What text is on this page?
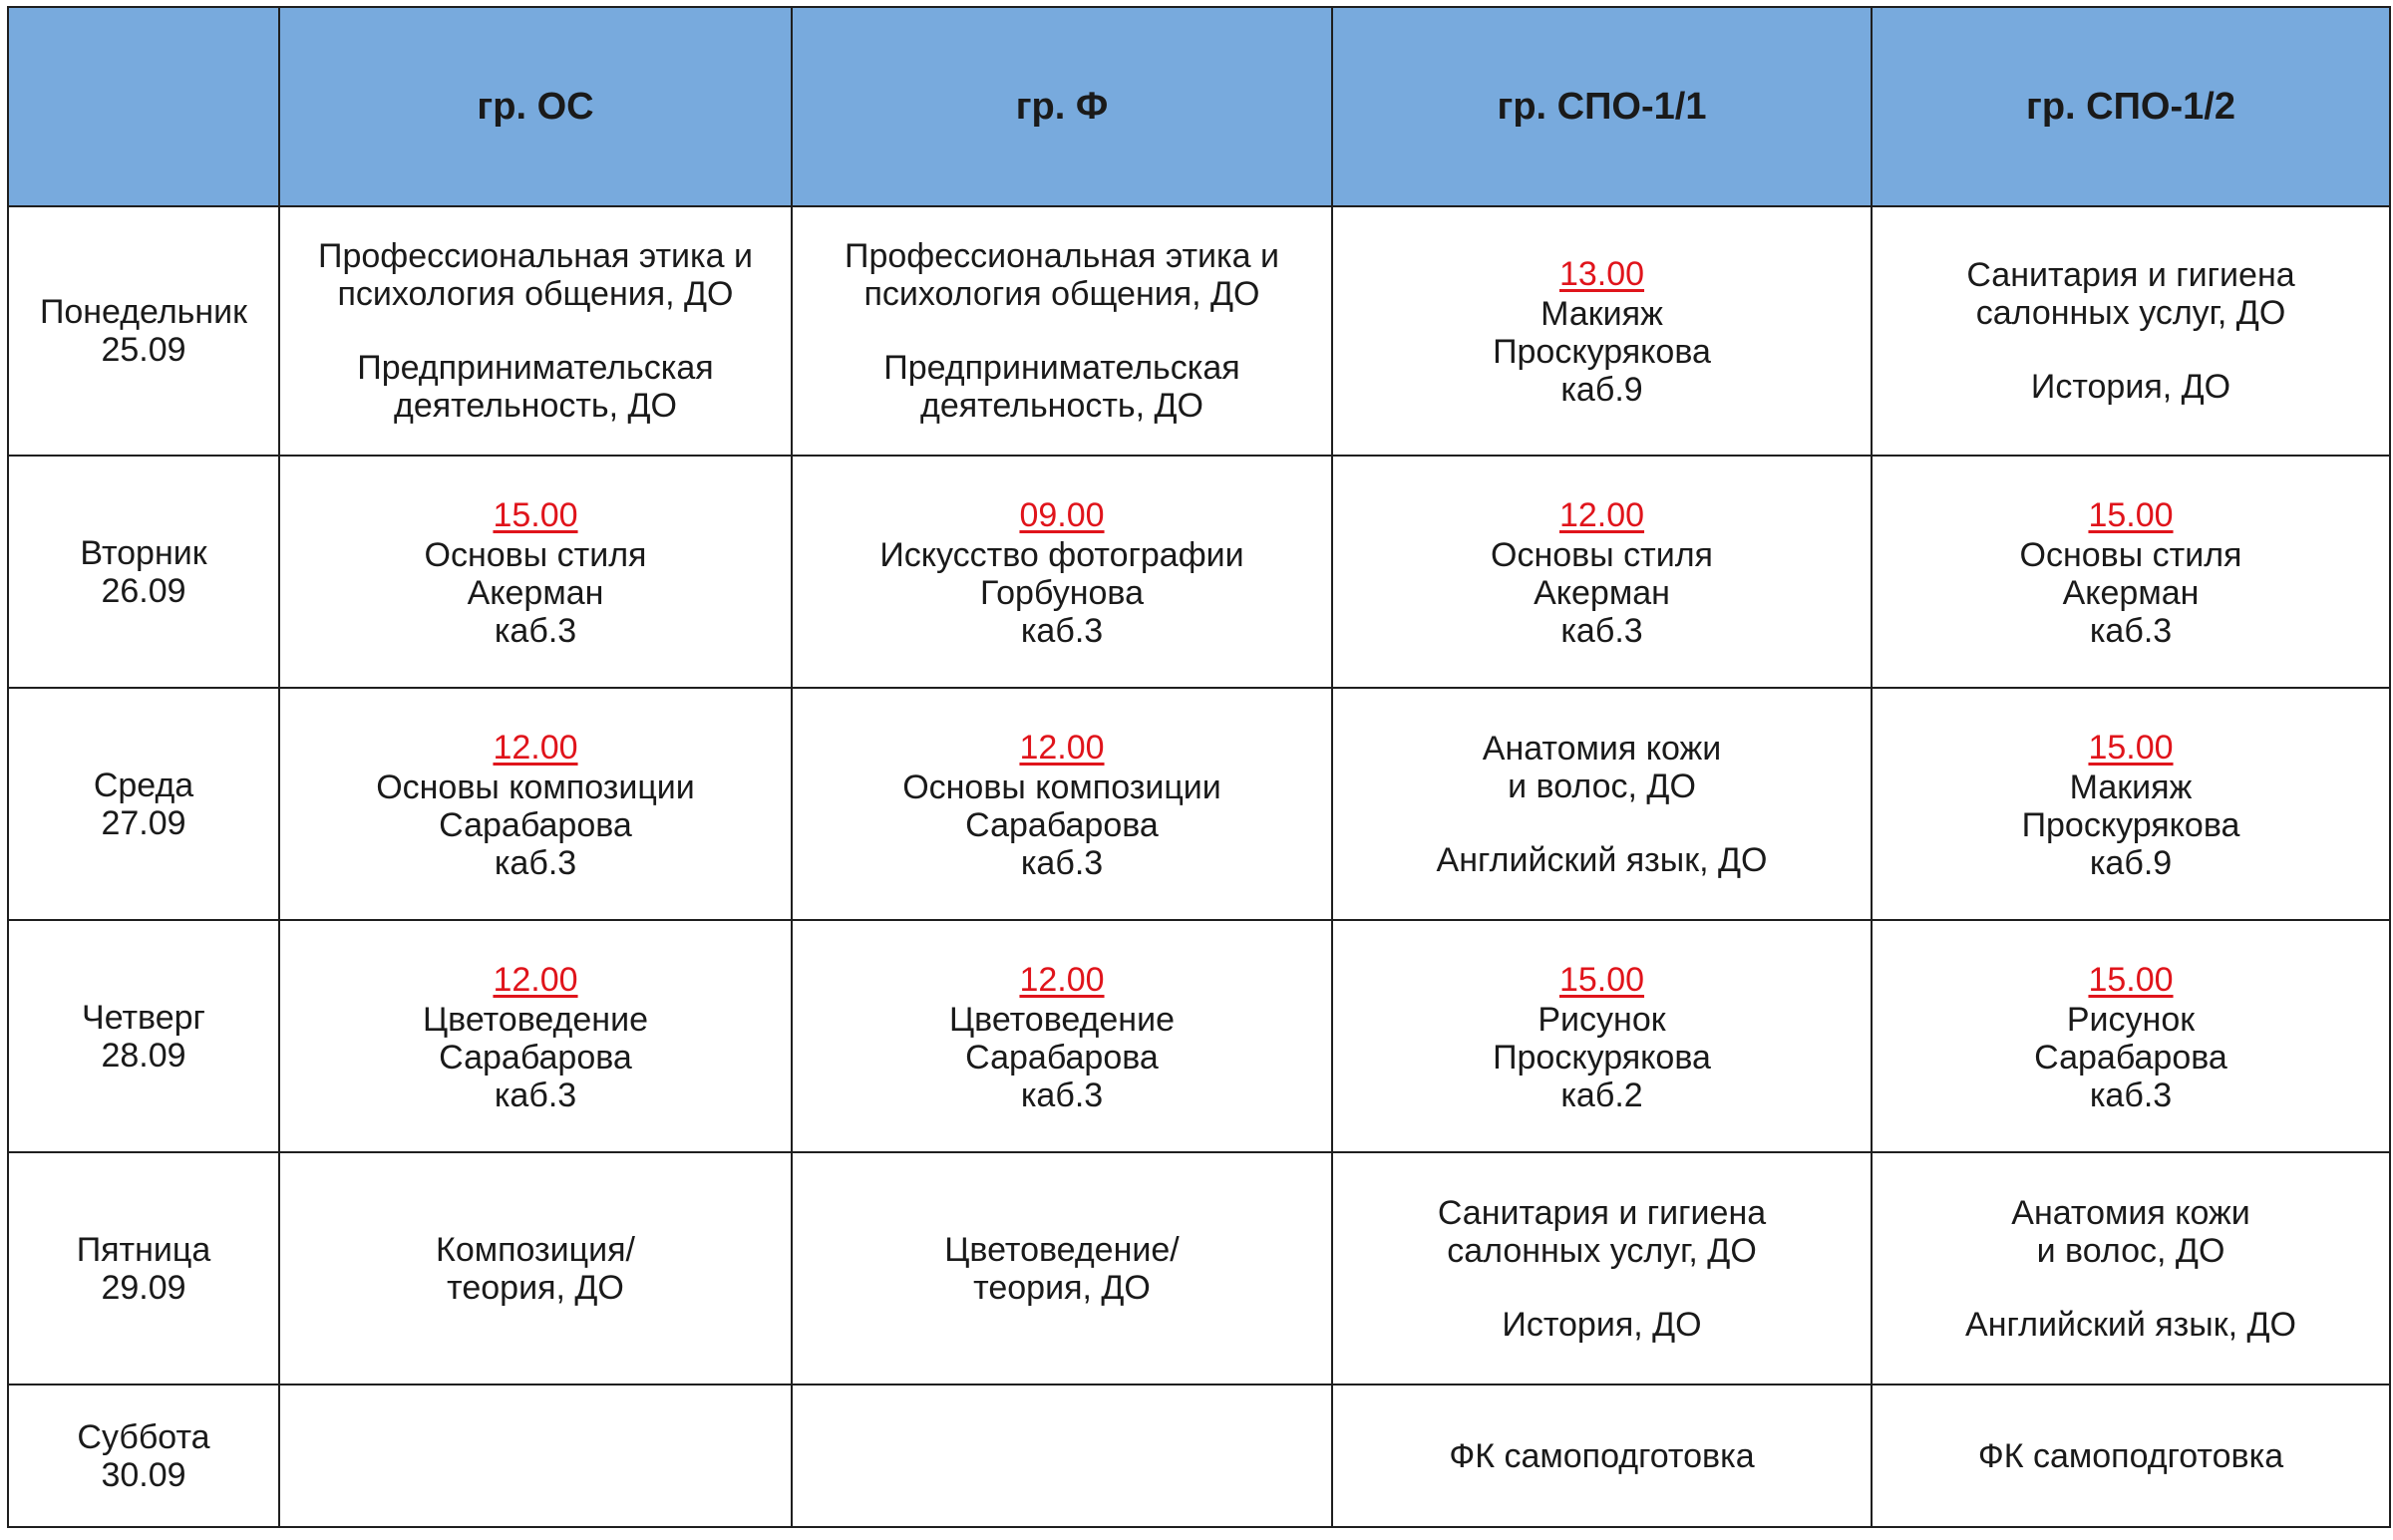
	гр. ОС	гр. Ф	гр. СПО-1/1	гр. СПО-1/2

Понедельник
25.09	Профессиональная этика и
психология общения, ДО
Предпринимательская
деятельность, ДО	Профессиональная этика и
психология общения, ДО
Предпринимательская
деятельность, ДО	13.00
Макияж
Проскурякова
каб.9	Санитария и гигиена
салонных услуг, ДО
История, ДО

Вторник
26.09	15.00
Основы стиля
Акерман
каб.3	09.00
Искусство фотографии
Горбунова
каб.3	12.00
Основы стиля
Акерман
каб.3	15.00
Основы стиля
Акерман
каб.3

Среда
27.09	12.00
Основы композиции
Сарабарова
каб.3	12.00
Основы композиции
Сарабарова
каб.3	Анатомия кожи
и волос, ДО
Английский язык, ДО	15.00
Макияж
Проскурякова
каб.9

Четверг
28.09	12.00
Цветоведение
Сарабарова
каб.3	12.00
Цветоведение
Сарабарова
каб.3	15.00
Рисунок
Проскурякова
каб.2	15.00
Рисунок
Сарабарова
каб.3

Пятница
29.09	Композиция/
теория, ДО	Цветоведение/
теория, ДО	Санитария и гигиена
салонных услуг, ДО
История, ДО	Анатомия кожи
и волос, ДО
Английский язык, ДО

Суббота
30.09			ФК самоподготовка	ФК самоподготовка
